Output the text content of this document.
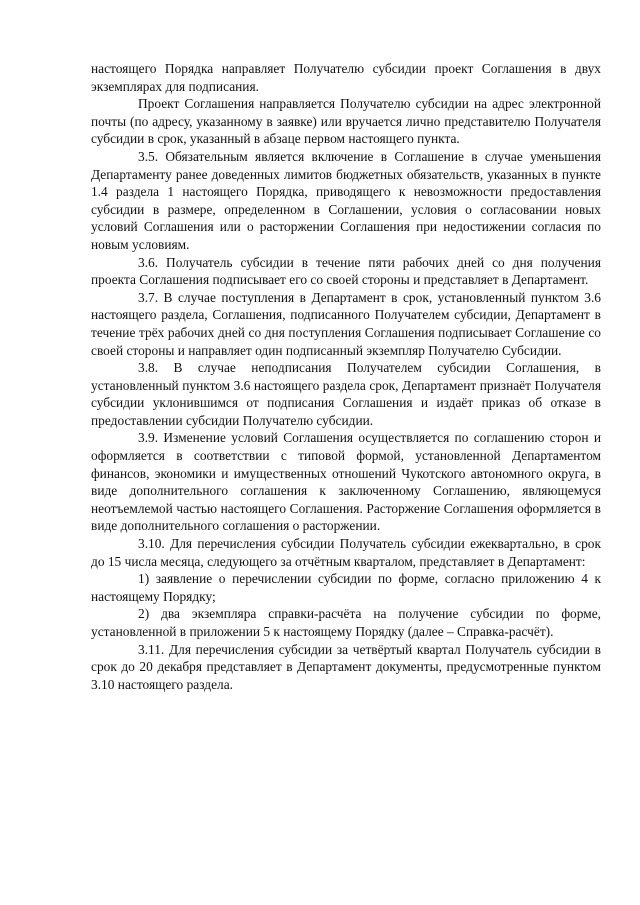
настоящего Порядка направляет Получателю субсидии проект Соглашения в двух экземплярах для подписания.

Проект Соглашения направляется Получателю субсидии на адрес электронной почты (по адресу, указанному в заявке) или вручается лично представителю Получателя субсидии в срок, указанный в абзаце первом настоящего пункта.

3.5. Обязательным является включение в Соглашение в случае уменьшения Департаменту ранее доведенных лимитов бюджетных обязательств, указанных в пункте 1.4 раздела 1 настоящего Порядка, приводящего к невозможности предоставления субсидии в размере, определенном в Соглашении, условия о согласовании новых условий Соглашения или о расторжении Соглашения при недостижении согласия по новым условиям.

3.6. Получатель субсидии в течение пяти рабочих дней со дня получения проекта Соглашения подписывает его со своей стороны и представляет в Департамент.

3.7. В случае поступления в Департамент в срок, установленный пунктом 3.6 настоящего раздела, Соглашения, подписанного Получателем субсидии, Департамент в течение трёх рабочих дней со дня поступления Соглашения подписывает Соглашение со своей стороны и направляет один подписанный экземпляр Получателю Субсидии.

3.8. В случае неподписания Получателем субсидии Соглашения, в установленный пунктом 3.6 настоящего раздела срок, Департамент признаёт Получателя субсидии уклонившимся от подписания Соглашения и издаёт приказ об отказе в предоставлении субсидии Получателю субсидии.

3.9. Изменение условий Соглашения осуществляется по соглашению сторон и оформляется в соответствии с типовой формой, установленной Департаментом финансов, экономики и имущественных отношений Чукотского автономного округа, в виде дополнительного соглашения к заключенному Соглашению, являющемуся неотъемлемой частью настоящего Соглашения. Расторжение Соглашения оформляется в виде дополнительного соглашения о расторжении.

3.10. Для перечисления субсидии Получатель субсидии ежеквартально, в срок до 15 числа месяца, следующего за отчётным кварталом, представляет в Департамент:

1) заявление о перечислении субсидии по форме, согласно приложению 4 к настоящему Порядку;

2) два экземпляра справки-расчёта на получение субсидии по форме, установленной в приложении 5 к настоящему Порядку (далее – Справка-расчёт).

3.11. Для перечисления субсидии за четвёртый квартал Получатель субсидии в срок до 20 декабря представляет в Департамент документы, предусмотренные пунктом 3.10 настоящего раздела.
